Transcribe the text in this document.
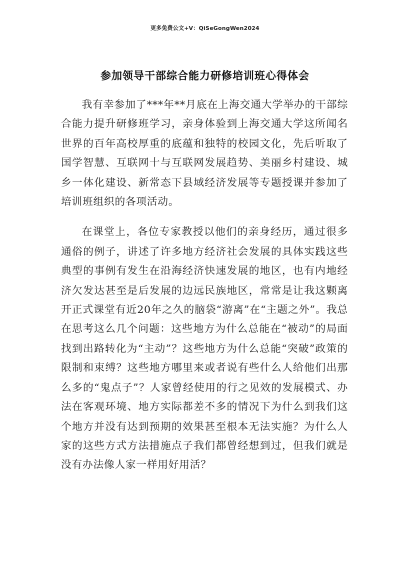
更多免费公文+V：QiSeGongWen2024
参加领导干部综合能力研修培训班心得体会

我有幸参加了***年**月底在上海交通大学举办的干部综合能力提升研修班学习，亲身体验到上海交通大学这所闻名世界的百年高校厚重的底蕴和独特的校园文化，先后听取了国学智慧、互联网十与互联网发展趋势、美丽乡村建设、城乡一体化建设、新常态下县域经济发展等专题授课并参加了培训班组织的各项活动。

在课堂上，各位专家教授以他们的亲身经历，通过很多通俗的例子，讲述了许多地方经济社会发展的具体实践这些典型的事例有发生在沿海经济快速发展的地区，也有内地经济欠发达甚至是后发展的边远民族地区，常常是让我这颗离开正式课堂有近20年之久的脑袋“游离”在“主题之外”。我总在思考这么几个问题：这些地方为什么总能在“被动”的局面找到出路转化为“主动”？这些地方为什么总能“突破”政策的限制和束缚？这些地方哪里来或者说有些什么人给他们出那么多的“鬼点子”？人家曾经使用的行之见效的发展模式、办法在客观环境、地方实际都差不多的情况下为什么到我们这个地方并没有达到预期的效果甚至根本无法实施？为什么人家的这些方式方法措施点子我们都曾经想到过，但我们就是没有办法像人家一样用好用活？
